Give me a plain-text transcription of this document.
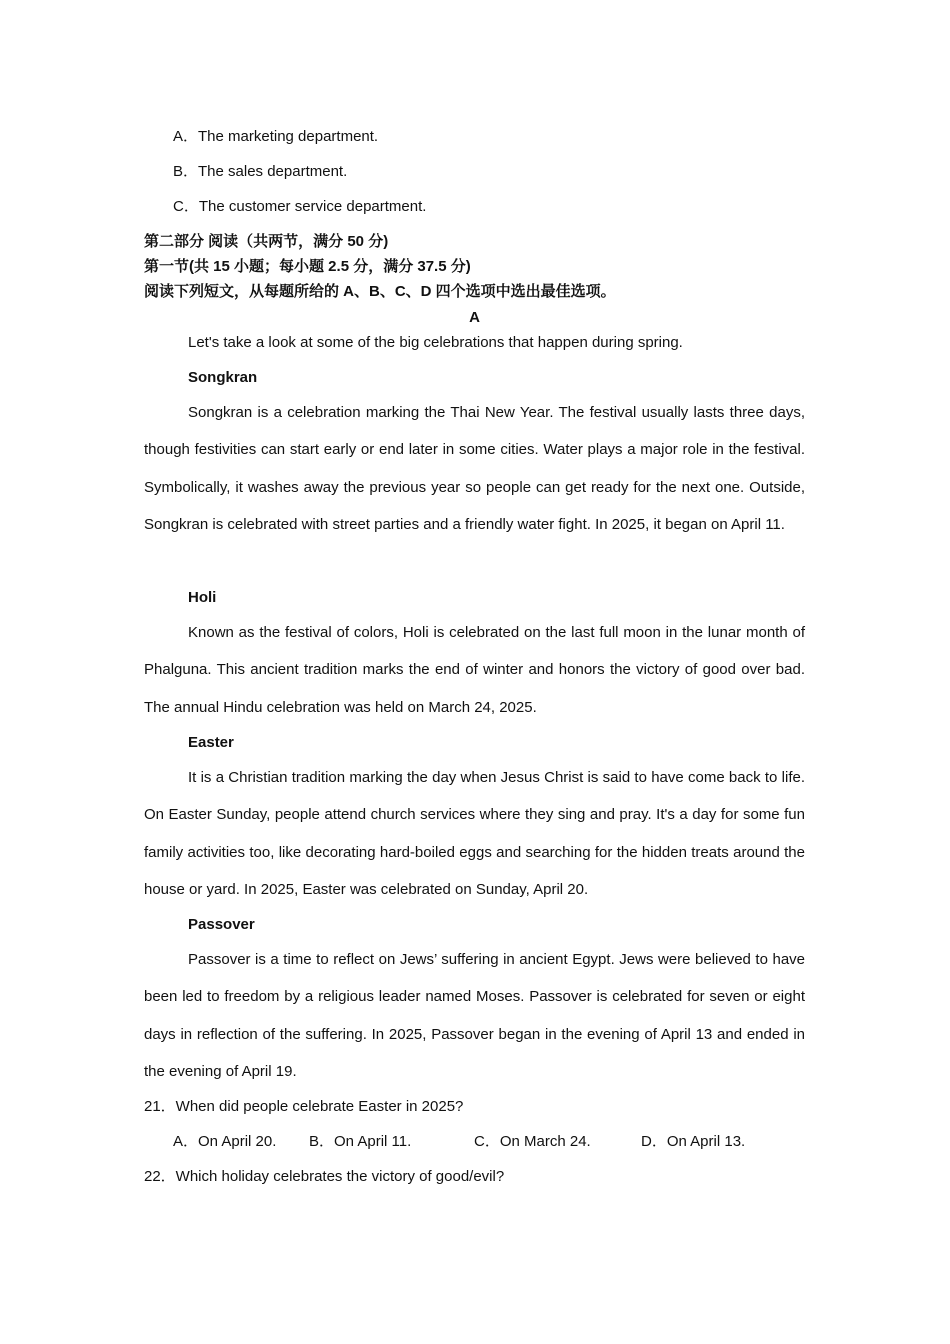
A．The marketing department.
B．The sales department.
C．The customer service department.
第二部分 阅读（共两节，满分 50 分)
第一节(共 15 小题；每小题 2.5 分，满分 37.5 分)
阅读下列短文，从每题所给的 A、B、C、D 四个选项中选出最佳选项。
A
Let's take a look at some of the big celebrations that happen during spring.
Songkran

Songkran is a celebration marking the Thai New Year. The festival usually lasts three days, though festivities can start early or end later in some cities. Water plays a major role in the festival. Symbolically, it washes away the previous year so people can get ready for the next one. Outside, Songkran is celebrated with street parties and a friendly water fight. In 2025, it began on April 11.

Holi

Known as the festival of colors, Holi is celebrated on the last full moon in the lunar month of Phalguna. This ancient tradition marks the end of winter and honors the victory of good over bad. The annual Hindu celebration was held on March 24, 2025.

Easter

It is a Christian tradition marking the day when Jesus Christ is said to have come back to life. On Easter Sunday, people attend church services where they sing and pray. It's a day for some fun family activities too, like decorating hard-boiled eggs and searching for the hidden treats around the house or yard. In 2025, Easter was celebrated on Sunday, April 20.

Passover

Passover is a time to reflect on Jews’ suffering in ancient Egypt. Jews were believed to have been led to freedom by a religious leader named Moses. Passover is celebrated for seven or eight days in reflection of the suffering. In 2025, Passover began in the evening of April 13 and ended in the evening of April 19.

21．When did people celebrate Easter in 2025?
A．On April 20. B．On April 11.	C．On March 24.	D．On April 13.
22．Which holiday celebrates the victory of good/evil?
